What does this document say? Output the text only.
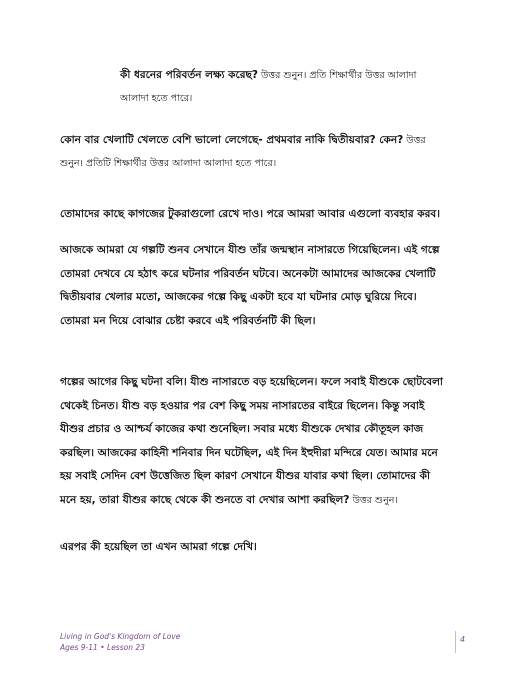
কী ধরনের পরিবর্তন লক্ষ্য করেছ? উত্তর শুনুন। প্রতি শিক্ষার্থীর উত্তর আলাদা
আলাদা হতে পারে।

কোন বার খেলাটি খেলতে বেশি ভালো লেগেছে- প্রথমবার নাকি দ্বিতীয়বার? কেন? উত্তর
শুনুন। প্রতিটি শিক্ষার্থীর উত্তর আলাদা আলাদা হতে পারে।

তোমাদের কাছে কাগজের টুকরাগুলো রেখে দাও। পরে আমরা আবার এগুলো ব্যবহার করব।

আজকে আমরা যে গল্পটি শুনব সেখানে যীশু তাঁর জন্মস্থান নাসারতে গিয়েছিলেন। এই গল্পে
তোমরা দেখবে যে হঠাৎ করে ঘটনার পরিবর্তন ঘটবে। অনেকটা আমাদের আজকের খেলাটি
দ্বিতীয়বার খেলার মতো, আজকের গল্পে কিছু একটা হবে যা ঘটনার মোড় ঘুরিয়ে দিবে।
তোমরা মন দিয়ে বোঝার চেষ্টা করবে এই পরিবর্তনটি কী ছিল।

গল্পের আগের কিছু ঘটনা বলি। যীশু নাসারতে বড় হয়েছিলেন। ফলে সবাই যীশুকে ছোটবেলা
থেকেই চিনত। যীশু বড় হওয়ার পর বেশ কিছু সময় নাসারতের বাইরে ছিলেন। কিন্তু সবাই
যীশুর প্রচার ও আশ্চর্য কাজের কথা শুনেছিল। সবার মধ্যে যীশুকে দেখার কৌতূহল কাজ
করছিল। আজকের কাহিনী শনিবার দিন ঘটেছিল, এই দিন ইহুদীরা মন্দিরে যেত। আমার মনে
হয় সবাই সেদিন বেশ উত্তেজিত ছিল কারণ সেখানে যীশুর যাবার কথা ছিল। তোমাদের কী
মনে হয়, তারা যীশুর কাছে থেকে কী শুনতে বা দেখার আশা করছিল? উত্তর শুনুন।

এরপর কী হয়েছিল তা এখন আমরা গল্পে দেখি।

Living in God's Kingdom of Love
Ages 9-11 • Lesson 23
4
